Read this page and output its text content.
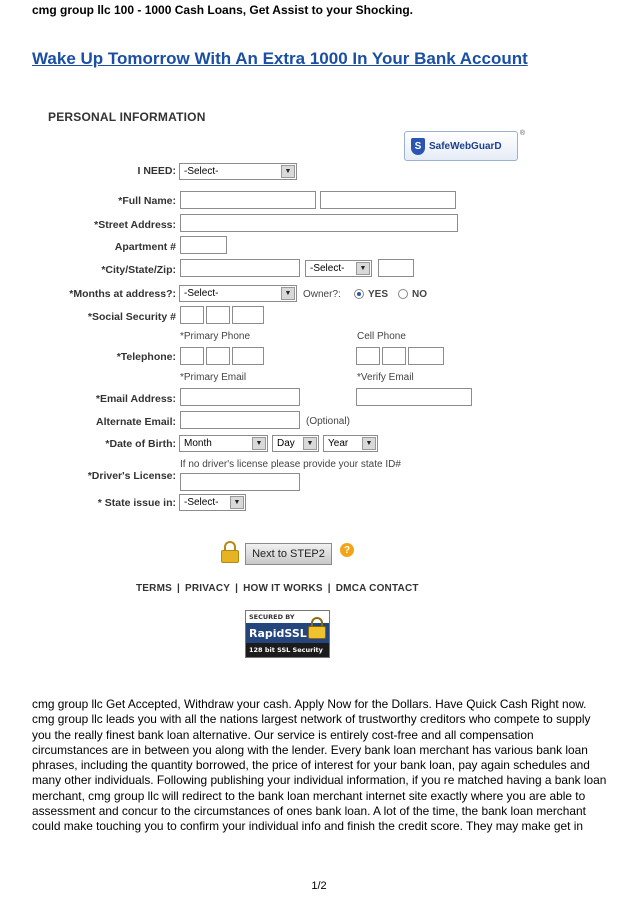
cmg group llc 100 - 1000 Cash Loans, Get Assist to your Shocking.
Wake Up Tomorrow With An Extra 1000 In Your Bank Account
PERSONAL INFORMATION
S SafeWebGuarD
®
I NEED: -Select-	▼
*Full Name:
*Street Address:
Apartment #
*City/State/Zip:	-Select-	▼
*Months at address?: -Select-	▼	Owner?:	YES NO
*Social Security #
*Primary Phone	Cell Phone
*Telephone:
*Primary Email	*Verify Email
*Email Address:
Alternate Email:	(Optional)
*Date of Birth: Month	▼	Day	▼	Year	▼
If no driver's license please provide your state ID#
*Driver's License:
* State issue in: -Select-	▼
Next to STEP2	?
TERMS | PRIVACY | HOW IT WORKS | DMCA CONTACT
SECURED BY
RapidSSL
128 bit SSL Security
cmg group llc Get Accepted, Withdraw your cash. Apply Now for the Dollars. Have Quick Cash Right now. cmg group llc leads you with all the nations largest network of trustworthy creditors who compete to supply you the really finest bank loan alternative. Our service is entirely cost-free and all compensation circumstances are in between you along with the lender. Every bank loan merchant has various bank loan phrases, including the quantity borrowed, the price of interest for your bank loan, pay again schedules and many other individuals. Following publishing your individual information, if you re matched having a bank loan merchant, cmg group llc will redirect to the bank loan merchant internet site exactly where you are able to assessment and concur to the circumstances of ones bank loan. A lot of the time, the bank loan merchant could make touching you to confirm your individual info and finish the credit score. They may make get in
1/2
